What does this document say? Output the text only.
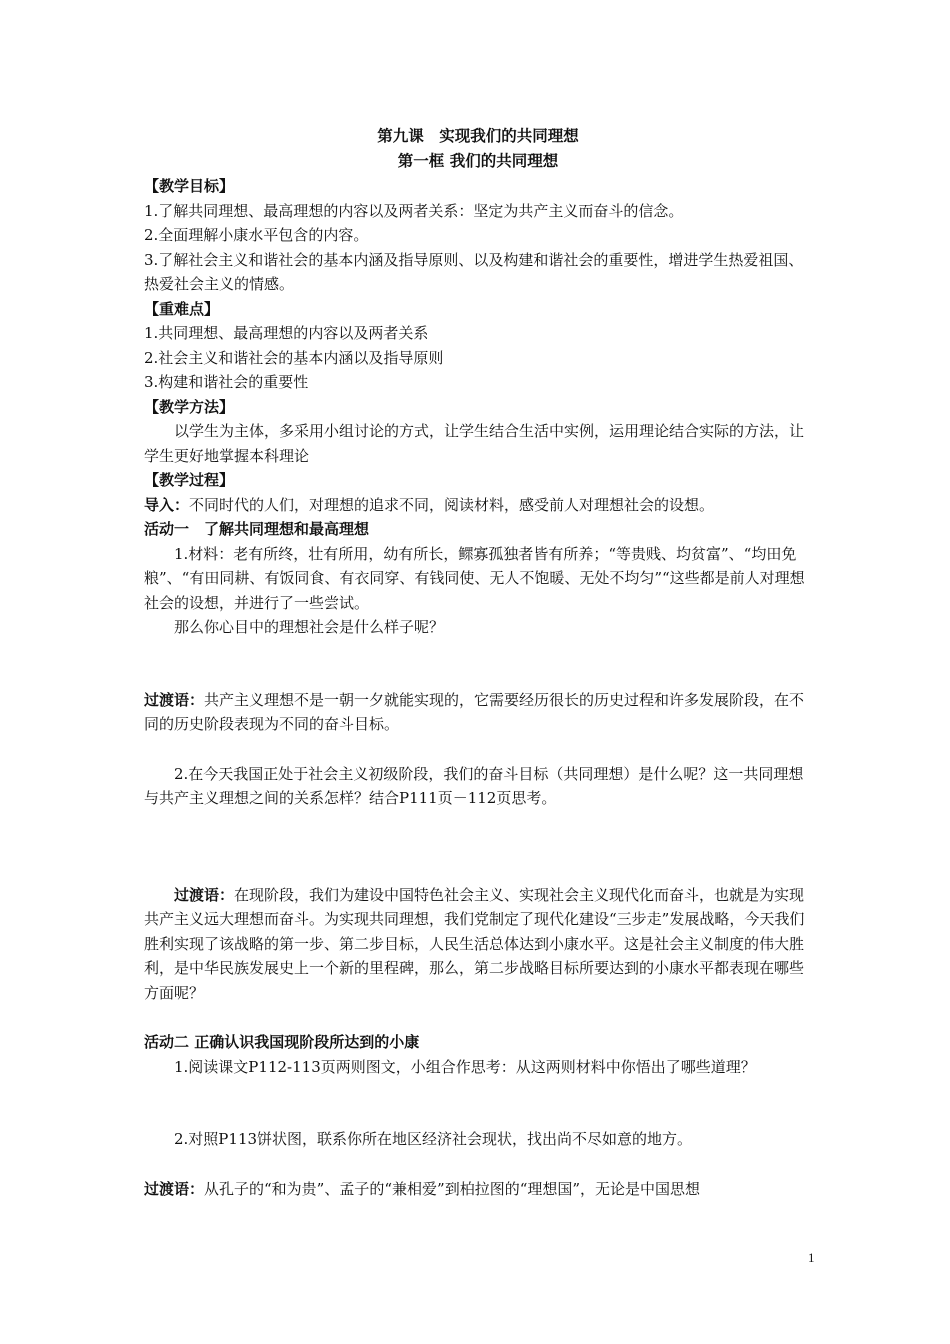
第九课　实现我们的共同理想
第一框 我们的共同理想
【教学目标】

1.了解共同理想、最高理想的内容以及两者关系：坚定为共产主义而奋斗的信念。

2.全面理解小康水平包含的内容。

3.了解社会主义和谐社会的基本内涵及指导原则、以及构建和谐社会的重要性，增进学生热爱祖国、热爱社会主义的情感。

【重难点】

1.共同理想、最高理想的内容以及两者关系

2.社会主义和谐社会的基本内涵以及指导原则

3.构建和谐社会的重要性

【教学方法】

以学生为主体，多采用小组讨论的方式，让学生结合生活中实例，运用理论结合实际的方法，让学生更好地掌握本科理论

【教学过程】

导入：不同时代的人们，对理想的追求不同，阅读材料，感受前人对理想社会的设想。

活动一　了解共同理想和最高理想

1.材料：老有所终，壮有所用，幼有所长，鳏寡孤独者皆有所养；“等贵贱、均贫富”、“均田免粮”、“有田同耕、有饭同食、有衣同穿、有钱同使、无人不饱暖、无处不均匀”“这些都是前人对理想社会的设想，并进行了一些尝试。

那么你心目中的理想社会是什么样子呢？

过渡语：共产主义理想不是一朝一夕就能实现的，它需要经历很长的历史过程和许多发展阶段，在不同的历史阶段表现为不同的奋斗目标。

2.在今天我国正处于社会主义初级阶段，我们的奋斗目标（共同理想）是什么呢？这一共同理想与共产主义理想之间的关系怎样？结合P111页－112页思考。

过渡语：在现阶段，我们为建设中国特色社会主义、实现社会主义现代化而奋斗，也就是为实现共产主义远大理想而奋斗。为实现共同理想，我们党制定了现代化建设“三步走”发展战略，今天我们胜利实现了该战略的第一步、第二步目标，人民生活总体达到小康水平。这是社会主义制度的伟大胜利，是中华民族发展史上一个新的里程碑，那么，第二步战略目标所要达到的小康水平都表现在哪些方面呢？

活动二 正确认识我国现阶段所达到的小康

1.阅读课文P112-113页两则图文，小组合作思考：从这两则材料中你悟出了哪些道理？

2.对照P113饼状图，联系你所在地区经济社会现状，找出尚不尽如意的地方。

过渡语：从孔子的“和为贵”、孟子的“兼相爱”到柏拉图的“理想国”，无论是中国思想

1
